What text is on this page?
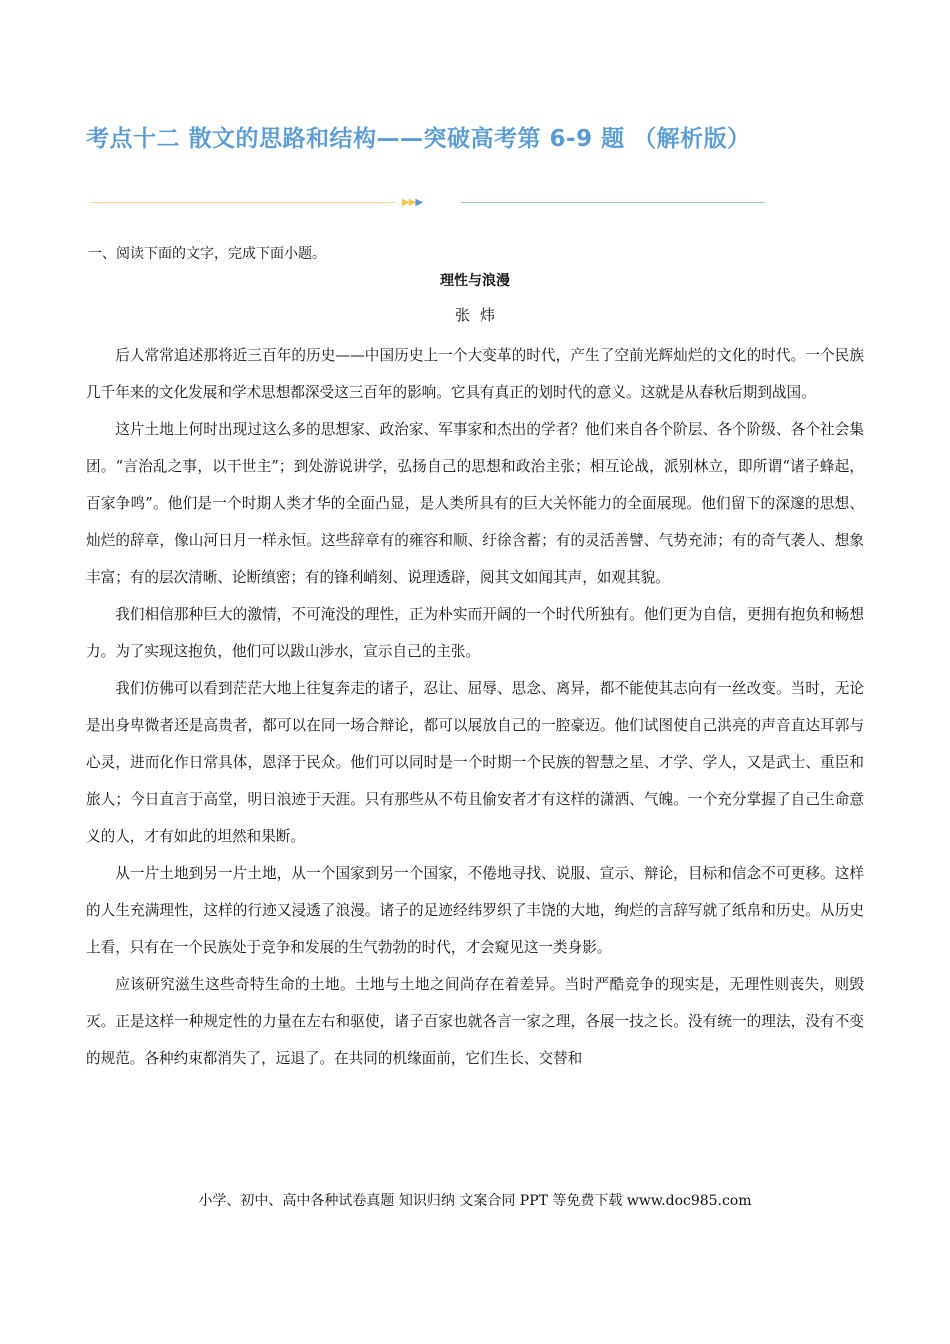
考点十二 散文的思路和结构——突破高考第 6-9 题 （解析版）
▶▶▶
一、阅读下面的文字，完成下面小题。
理性与浪漫
张炜

后人常常追述那将近三百年的历史——中国历史上一个大变革的时代，产生了空前光辉灿烂的文化的时代。一个民族几千年来的文化发展和学术思想都深受这三百年的影响。它具有真正的划时代的意义。这就是从春秋后期到战国。

这片土地上何时出现过这么多的思想家、政治家、军事家和杰出的学者？他们来自各个阶层、各个阶级、各个社会集团。“言治乱之事，以干世主”；到处游说讲学，弘扬自己的思想和政治主张；相互论战，派别林立，即所谓“诸子蜂起，百家争鸣”。他们是一个时期人类才华的全面凸显，是人类所具有的巨大关怀能力的全面展现。他们留下的深邃的思想、灿烂的辞章，像山河日月一样永恒。这些辞章有的雍容和顺、纡徐含蓄；有的灵活善譬、气势充沛；有的奇气袭人、想象丰富；有的层次清晰、论断缜密；有的锋利峭刻、说理透辟，阅其文如闻其声，如观其貌。

我们相信那种巨大的激情，不可淹没的理性，正为朴实而开阔的一个时代所独有。他们更为自信，更拥有抱负和畅想力。为了实现这抱负，他们可以跋山涉水，宣示自己的主张。

我们仿佛可以看到茫茫大地上往复奔走的诸子，忍让、屈辱、思念、离异，都不能使其志向有一丝改变。当时，无论是出身卑微者还是高贵者，都可以在同一场合辩论，都可以展放自己的一腔豪迈。他们试图使自己洪亮的声音直达耳郭与心灵，进而化作日常具体，恩泽于民众。他们可以同时是一个时期一个民族的智慧之星、才学、学人，又是武士、重臣和旅人；今日直言于高堂，明日浪迹于天涯。只有那些从不苟且偷安者才有这样的潇洒、气魄。一个充分掌握了自己生命意义的人，才有如此的坦然和果断。

从一片土地到另一片土地，从一个国家到另一个国家，不倦地寻找、说服、宣示、辩论，目标和信念不可更移。这样的人生充满理性，这样的行迹又浸透了浪漫。诸子的足迹经纬罗织了丰饶的大地，绚烂的言辞写就了纸帛和历史。从历史上看，只有在一个民族处于竞争和发展的生气勃勃的时代，才会窥见这一类身影。

应该研究滋生这些奇特生命的土地。土地与土地之间尚存在着差异。当时严酷竞争的现实是，无理性则丧失，则毁灭。正是这样一种规定性的力量在左右和驱使，诸子百家也就各言一家之理，各展一技之长。没有统一的理法，没有不变的规范。各种约束都消失了，远退了。在共同的机缘面前，它们生长、交替和

小学、初中、高中各种试卷真题 知识归纳 文案合同 PPT 等免费下载 www.doc985.com
